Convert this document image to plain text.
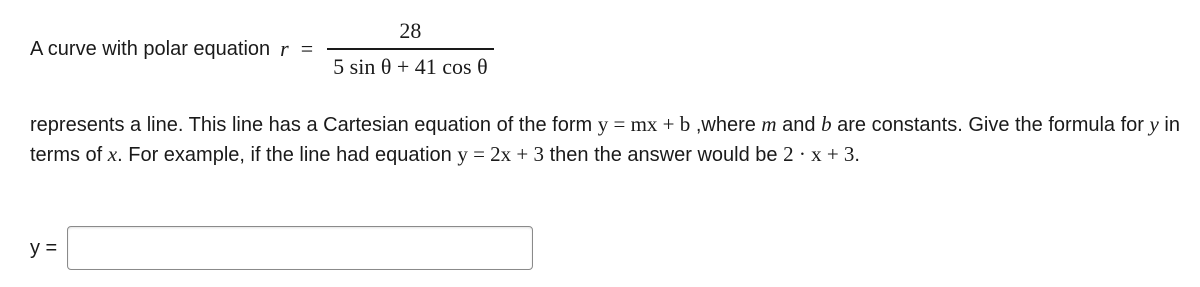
A curve with polar equation $r = \frac{28}{\text{5 sin θ + 41 cos θ}}$
represents a line. This line has a Cartesian equation of the form y = mx + b ,where m and b are constants. Give the formula for y in terms of x. For example, if the line had equation y = 2x + 3 then the answer would be 2 · x + 3.
y =
